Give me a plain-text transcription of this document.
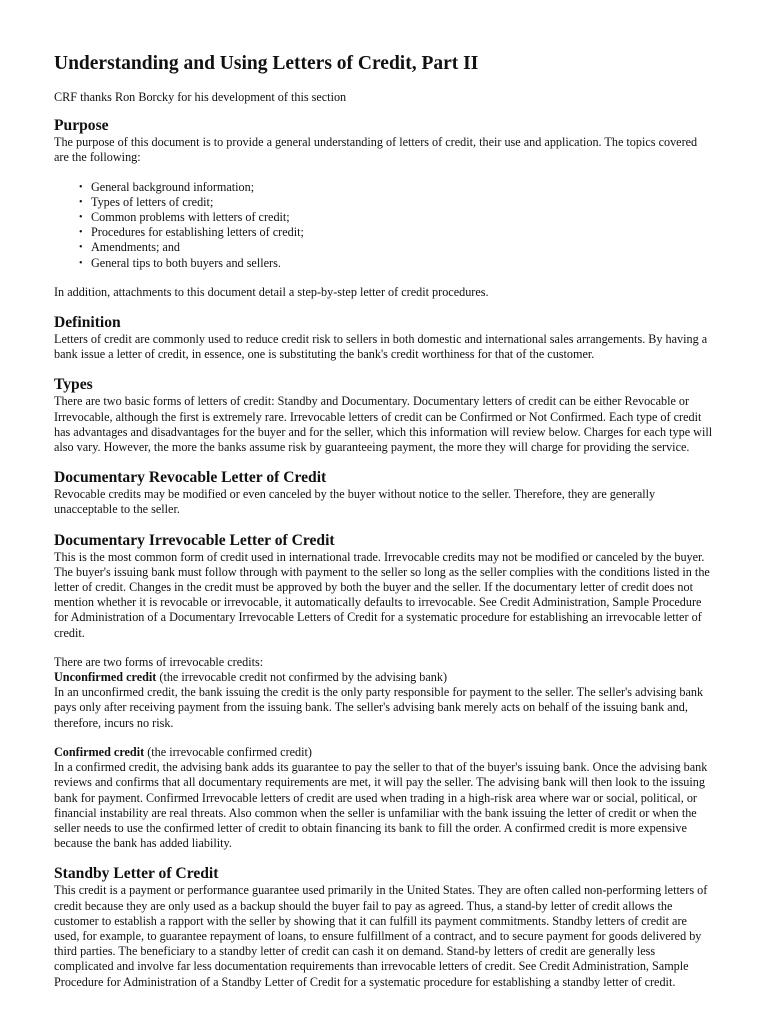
Understanding and Using Letters of Credit, Part II

CRF thanks Ron Borcky for his development of this section

Purpose

The purpose of this document is to provide a general understanding of letters of credit, their use and application. The topics covered are the following:

• General background information;
• Types of letters of credit;
• Common problems with letters of credit;
• Procedures for establishing letters of credit;
• Amendments; and
• General tips to both buyers and sellers.

In addition, attachments to this document detail a step-by-step letter of credit procedures.

Definition

Letters of credit are commonly used to reduce credit risk to sellers in both domestic and international sales arrangements. By having a bank issue a letter of credit, in essence, one is substituting the bank's credit worthiness for that of the customer.

Types

There are two basic forms of letters of credit: Standby and Documentary. Documentary letters of credit can be either Revocable or Irrevocable, although the first is extremely rare. Irrevocable letters of credit can be Confirmed or Not Confirmed. Each type of credit has advantages and disadvantages for the buyer and for the seller, which this information will review below. Charges for each type will also vary. However, the more the banks assume risk by guaranteeing payment, the more they will charge for providing the service.

Documentary Revocable Letter of Credit

Revocable credits may be modified or even canceled by the buyer without notice to the seller. Therefore, they are generally unacceptable to the seller.

Documentary Irrevocable Letter of Credit

This is the most common form of credit used in international trade. Irrevocable credits may not be modified or canceled by the buyer. The buyer's issuing bank must follow through with payment to the seller so long as the seller complies with the conditions listed in the letter of credit. Changes in the credit must be approved by both the buyer and the seller. If the documentary letter of credit does not mention whether it is revocable or irrevocable, it automatically defaults to irrevocable. See Credit Administration, Sample Procedure for Administration of a Documentary Irrevocable Letters of Credit for a systematic procedure for establishing an irrevocable letter of credit.

There are two forms of irrevocable credits:

Unconfirmed credit (the irrevocable credit not confirmed by the advising bank)

In an unconfirmed credit, the bank issuing the credit is the only party responsible for payment to the seller. The seller's advising bank pays only after receiving payment from the issuing bank. The seller's advising bank merely acts on behalf of the issuing bank and, therefore, incurs no risk.

Confirmed credit (the irrevocable confirmed credit)

In a confirmed credit, the advising bank adds its guarantee to pay the seller to that of the buyer's issuing bank. Once the advising bank reviews and confirms that all documentary requirements are met, it will pay the seller. The advising bank will then look to the issuing bank for payment. Confirmed Irrevocable letters of credit are used when trading in a high-risk area where war or social, political, or financial instability are real threats. Also common when the seller is unfamiliar with the bank issuing the letter of credit or when the seller needs to use the confirmed letter of credit to obtain financing its bank to fill the order. A confirmed credit is more expensive because the bank has added liability.

Standby Letter of Credit

This credit is a payment or performance guarantee used primarily in the United States. They are often called non-performing letters of credit because they are only used as a backup should the buyer fail to pay as agreed. Thus, a stand-by letter of credit allows the customer to establish a rapport with the seller by showing that it can fulfill its payment commitments. Standby letters of credit are used, for example, to guarantee repayment of loans, to ensure fulfillment of a contract, and to secure payment for goods delivered by third parties. The beneficiary to a standby letter of credit can cash it on demand. Stand-by letters of credit are generally less complicated and involve far less documentation requirements than irrevocable letters of credit. See Credit Administration, Sample Procedure for Administration of a Standby Letter of Credit for a systematic procedure for establishing a standby letter of credit.
